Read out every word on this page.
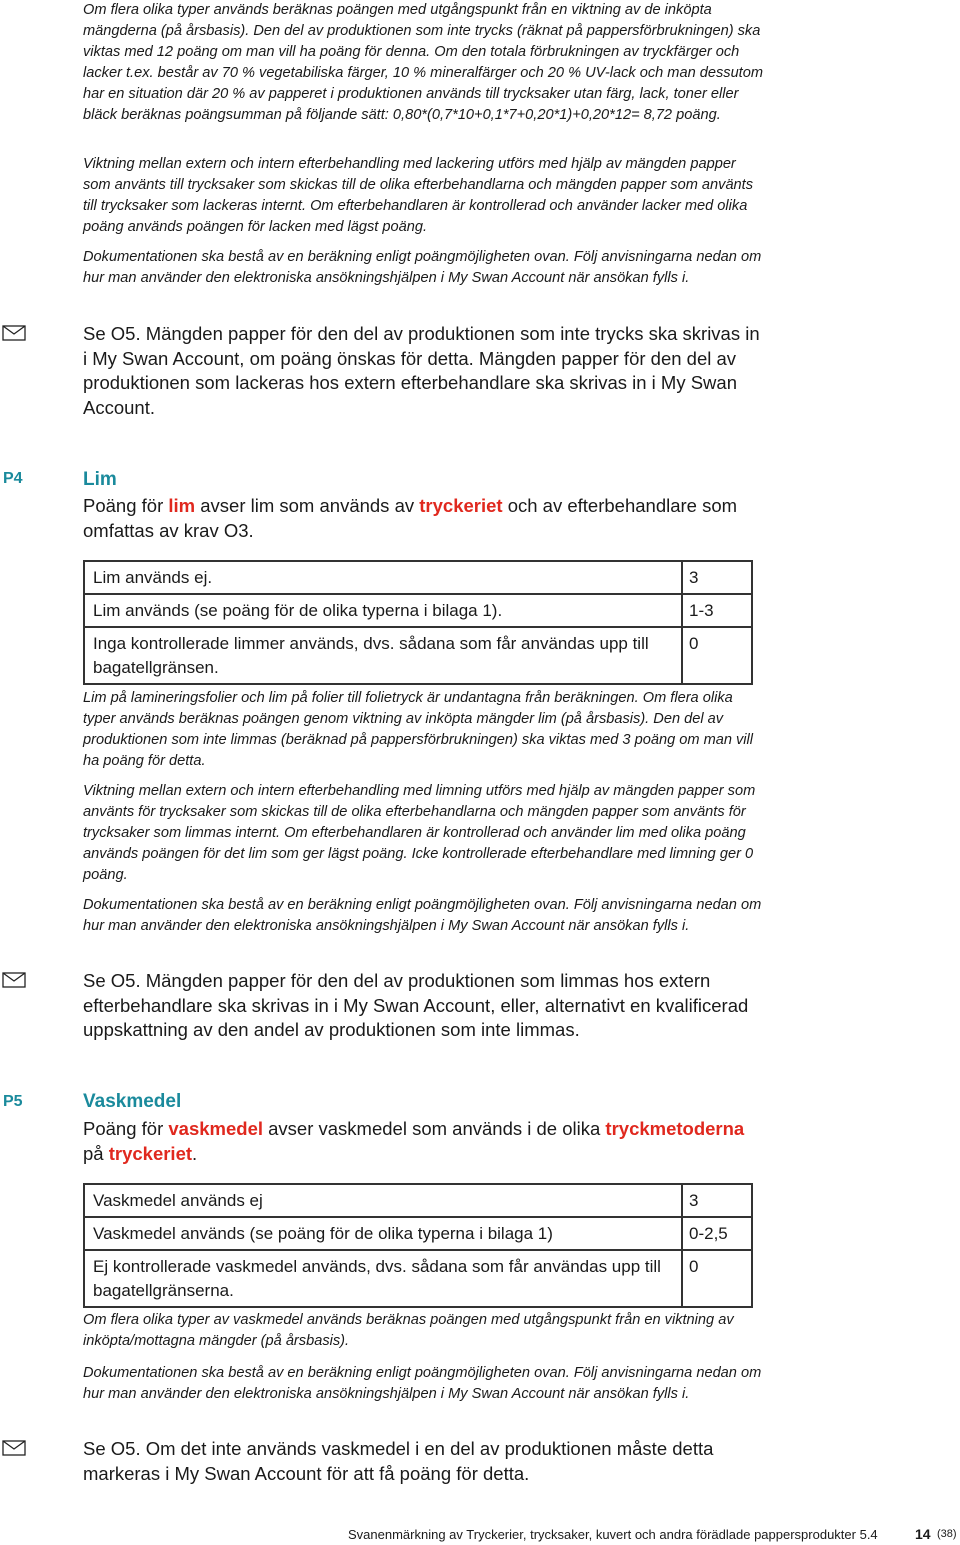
Om flera olika typer används beräknas poängen med utgångspunkt från en viktning av de inköpta mängderna (på årsbasis). Den del av produktionen som inte trycks (räknat på pappersförbrukningen) ska viktas med 12 poäng om man vill ha poäng för denna. Om den totala förbrukningen av tryckfärger och lacker t.ex. består av 70 % vegetabiliska färger, 10 % mineralfärger och 20 % UV-lack och man dessutom har en situation där 20 % av papperet i produktionen används till trycksaker utan färg, lack, toner eller bläck beräknas poängsumman på följande sätt: 0,80*(0,7*10+0,1*7+0,20*1)+0,20*12= 8,72 poäng.

Viktning mellan extern och intern efterbehandling med lackering utförs med hjälp av mängden papper som använts till trycksaker som skickas till de olika efterbehandlarna och mängden papper som använts till trycksaker som lackeras internt. Om efterbehandlaren är kontrollerad och använder lacker med olika poäng används poängen för lacken med lägst poäng.

Dokumentationen ska bestå av en beräkning enligt poängmöjligheten ovan. Följ anvisningarna nedan om hur man använder den elektroniska ansökningshjälpen i My Swan Account när ansökan fylls i.

Se O5. Mängden papper för den del av produktionen som inte trycks ska skrivas in i My Swan Account, om poäng önskas för detta. Mängden papper för den del av produktionen som lackeras hos extern efterbehandlare ska skrivas in i My Swan Account.

P4	Lim

Poäng för lim avser lim som används av tryckeriet och av efterbehandlare som omfattas av krav O3.

Lim används ej.	3
Lim används (se poäng för de olika typerna i bilaga 1).	1-3
Inga kontrollerade limmer används, dvs. sådana som får användas upp till bagatellgränsen.	0

Lim på lamineringsfolier och lim på folier till folietryck är undantagna från beräkningen. Om flera olika typer används beräknas poängen genom viktning av inköpta mängder lim (på årsbasis). Den del av produktionen som inte limmas (beräknad på pappersförbrukningen) ska viktas med 3 poäng om man vill ha poäng för detta.

Viktning mellan extern och intern efterbehandling med limning utförs med hjälp av mängden papper som använts för trycksaker som skickas till de olika efterbehandlarna och mängden papper som använts för trycksaker som limmas internt. Om efterbehandlaren är kontrollerad och använder lim med olika poäng används poängen för det lim som ger lägst poäng. Icke kontrollerade efterbehandlare med limning ger 0 poäng.

Dokumentationen ska bestå av en beräkning enligt poängmöjligheten ovan. Följ anvisningarna nedan om hur man använder den elektroniska ansökningshjälpen i My Swan Account när ansökan fylls i.

Se O5. Mängden papper för den del av produktionen som limmas hos extern efterbehandlare ska skrivas in i My Swan Account, eller, alternativt en kvalificerad uppskattning av den andel av produktionen som inte limmas.

P5	Vaskmedel

Poäng för vaskmedel avser vaskmedel som används i de olika tryckmetoderna på tryckeriet.

Vaskmedel används ej	3
Vaskmedel används (se poäng för de olika typerna i bilaga 1)	0-2,5
Ej kontrollerade vaskmedel används, dvs. sådana som får användas upp till bagatellgränserna.	0

Om flera olika typer av vaskmedel används beräknas poängen med utgångspunkt från en viktning av inköpta/mottagna mängder (på årsbasis).

Dokumentationen ska bestå av en beräkning enligt poängmöjligheten ovan. Följ anvisningarna nedan om hur man använder den elektroniska ansökningshjälpen i My Swan Account när ansökan fylls i.

Se O5. Om det inte används vaskmedel i en del av produktionen måste detta markeras i My Swan Account för att få poäng för detta.

Svanenmärkning av Tryckerier, trycksaker, kuvert och andra förädlade pappersprodukter 5.4	14 (38)
